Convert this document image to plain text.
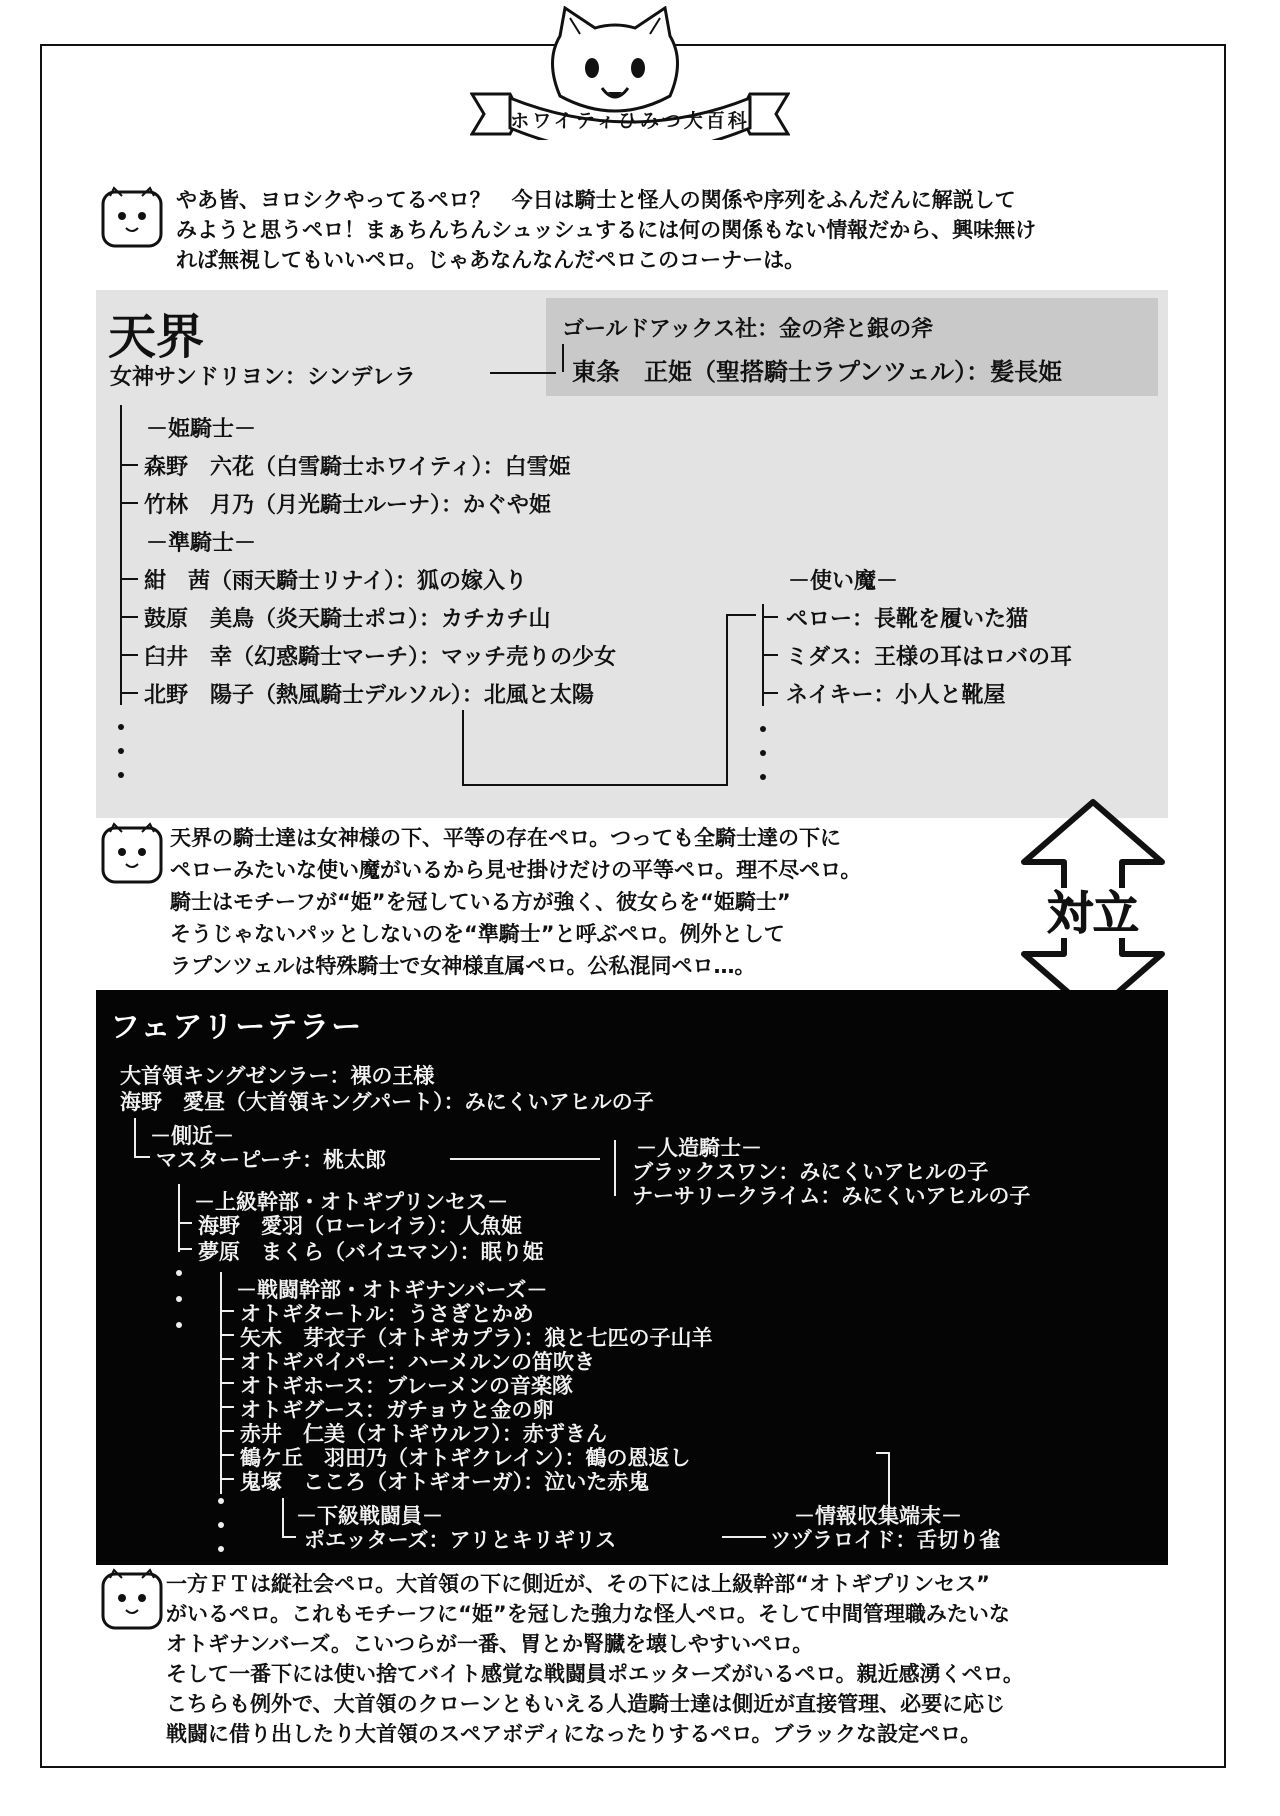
ホワイティひみつ大百科
やあ皆、ヨロシクやってるペロ？　今日は騎士と怪人の関係や序列をふんだんに解説して
みようと思うペロ！まぁちんちんシュッシュするには何の関係もない情報だから、興味無け
れば無視してもいいペロ。じゃあなんなんだペロこのコーナーは。
天界
女神サンドリヨン：シンデレラ
ゴールドアックス社：金の斧と銀の斧
東条　正姫（聖搭騎士ラプンツェル）：髪長姫
－姫騎士－
森野　六花（白雪騎士ホワイティ）：白雪姫
竹林　月乃（月光騎士ルーナ）：かぐや姫
－準騎士－
紺　茜（雨天騎士リナイ）：狐の嫁入り
鼓原　美鳥（炎天騎士ポコ）：カチカチ山
臼井　幸（幻惑騎士マーチ）：マッチ売りの少女
北野　陽子（熱風騎士デルソル）：北風と太陽
－使い魔－
ペロー：長靴を履いた猫
ミダス：王様の耳はロバの耳
ネイキー：小人と靴屋
天界の騎士達は女神様の下、平等の存在ペロ。つっても全騎士達の下に
ペローみたいな使い魔がいるから見せ掛けだけの平等ペロ。理不尽ペロ。
騎士はモチーフが“姫”を冠している方が強く、彼女らを“姫騎士”
そうじゃないパッとしないのを“準騎士”と呼ぶペロ。例外として
ラプンツェルは特殊騎士で女神様直属ペロ。公私混同ペロ…。
対立
フェアリーテラー
大首領キングゼンラー：裸の王様
海野　愛昼（大首領キングパート）：みにくいアヒルの子
－側近－
マスターピーチ：桃太郎	－人造騎士－
ブラックスワン：みにくいアヒルの子
ナーサリークライム：みにくいアヒルの子
－上級幹部・オトギプリンセス－
海野　愛羽（ローレイラ）：人魚姫
夢原　まくら（バイユマン）：眠り姫
－戦闘幹部・オトギナンバーズ－
オトギタートル：うさぎとかめ
矢木　芽衣子（オトギカプラ）：狼と七匹の子山羊
オトギパイパー：ハーメルンの笛吹き
オトギホース：ブレーメンの音楽隊
オトギグース：ガチョウと金の卵
赤井　仁美（オトギウルフ）：赤ずきん
鶴ケ丘　羽田乃（オトギクレイン）：鶴の恩返し
鬼塚　こころ（オトギオーガ）：泣いた赤鬼
－下級戦闘員－
ポエッターズ：アリとキリギリス
－情報収集端末－
ツヅラロイド：舌切り雀
一方ＦＴは縦社会ペロ。大首領の下に側近が、その下には上級幹部“オトギプリンセス”
がいるペロ。これもモチーフに“姫”を冠した強力な怪人ペロ。そして中間管理職みたいな
オトギナンバーズ。こいつらが一番、胃とか腎臓を壊しやすいペロ。
そして一番下には使い捨てバイト感覚な戦闘員ポエッターズがいるペロ。親近感湧くペロ。
こちらも例外で、大首領のクローンともいえる人造騎士達は側近が直接管理、必要に応じ
戦闘に借り出したり大首領のスペアボディになったりするペロ。ブラックな設定ペロ。
